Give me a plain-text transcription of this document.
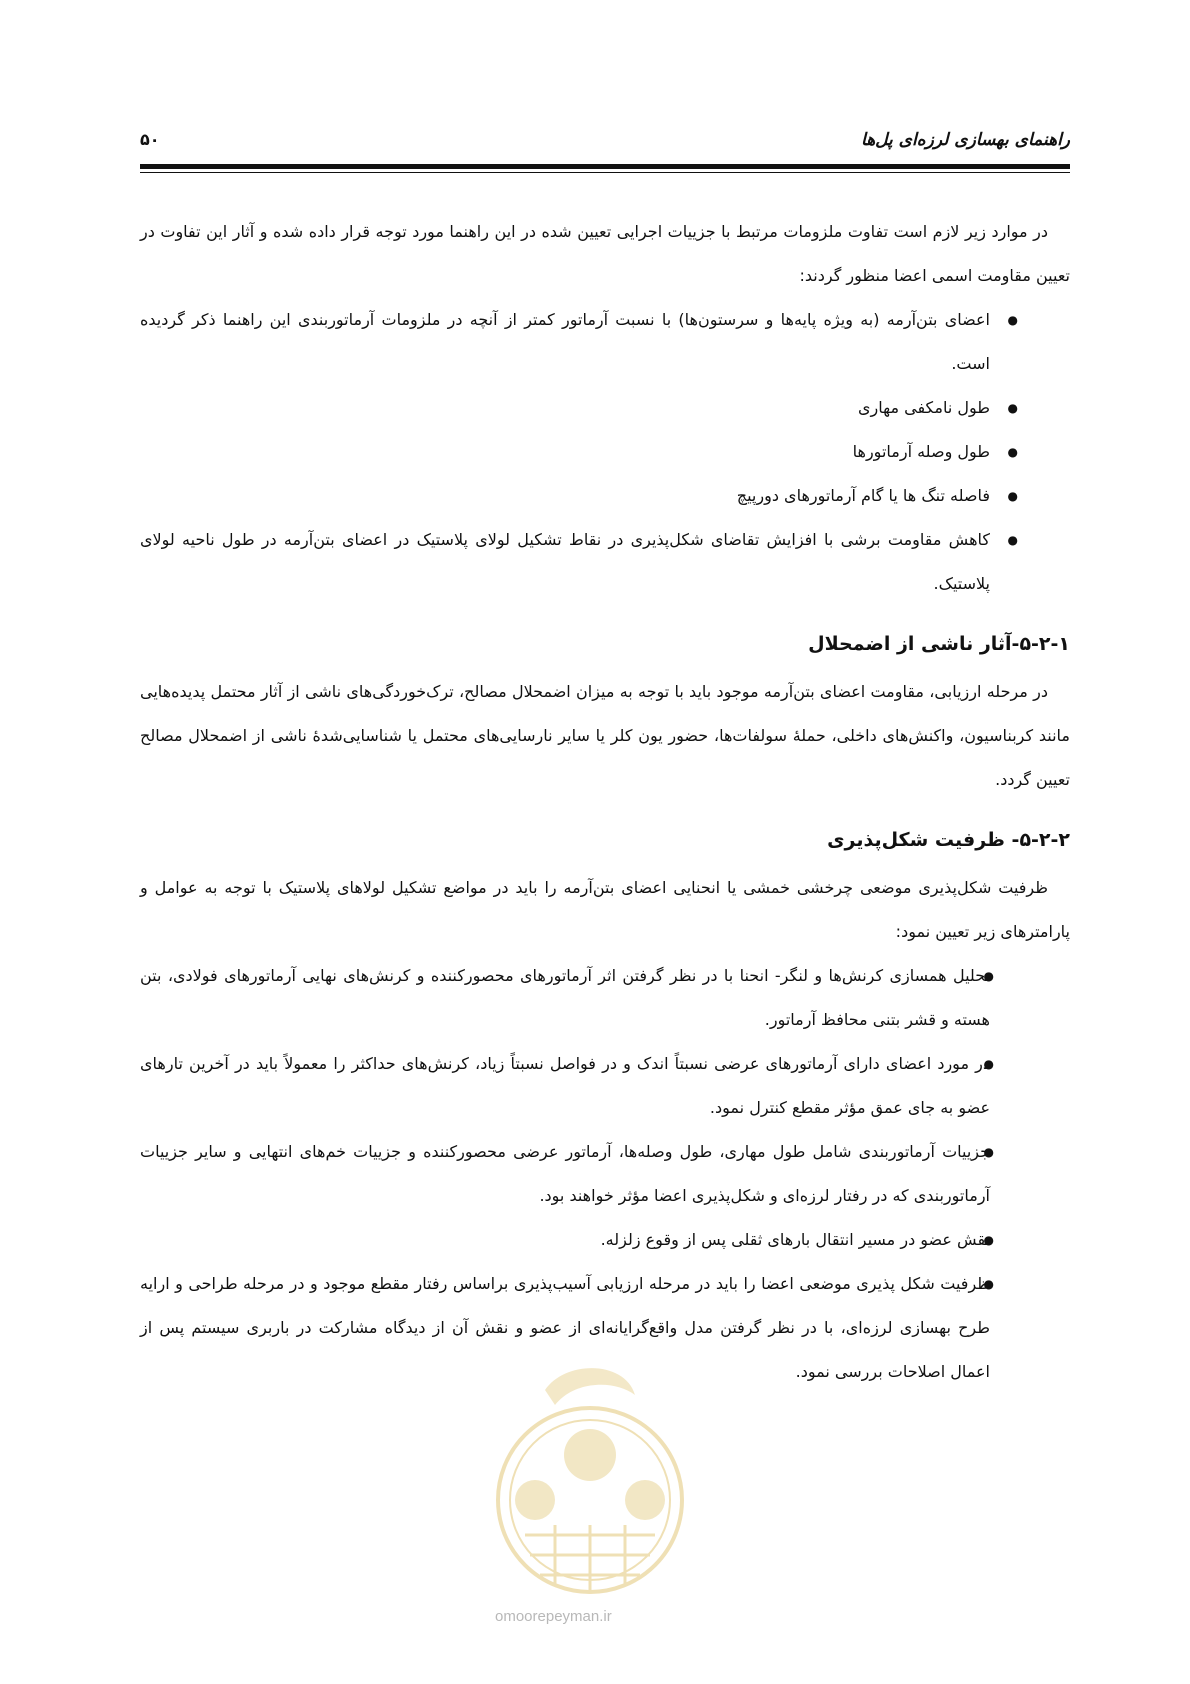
راهنمای بهسازی لرزه‌ای پل‌ها
۵۰

در موارد زیر لازم است تفاوت ملزومات مرتبط با جزییات اجرایی تعیین شده در این راهنما مورد توجه قرار داده شده و آثار این تفاوت در تعیین مقاومت اسمی اعضا منظور گردند:

● اعضای بتن‌آرمه (به ویژه پایه‌ها و سرستون‌ها) با نسبت آرماتور کمتر از آنچه در ملزومات آرماتوربندی این راهنما ذکر گردیده است.
● طول نامکفی مهاری
● طول وصله آرماتورها
● فاصله تنگ ها یا گام آرماتورهای دورپیچ
● کاهش مقاومت برشی با افزایش تقاضای شکل‌پذیری در نقاط تشکیل لولای پلاستیک در اعضای بتن‌آرمه در طول ناحیه لولای پلاستیک.
۵-۲-۱-آثار ناشی از اضمحلال

در مرحله ارزیابی، مقاومت اعضای بتن‌آرمه موجود باید با توجه به میزان اضمحلال مصالح، ترک‌خوردگی‌های ناشی از آثار محتمل پدیده‌هایی مانند کربناسیون، واکنش‌های داخلی، حملهٔ سولفات‌ها، حضور یون کلر یا سایر نارسایی‌های محتمل یا شناسایی‌شدهٔ ناشی از اضمحلال مصالح تعیین گردد.

۵-۲-۲- ظرفیت شکل‌پذیری

ظرفیت شکل‌پذیری موضعی چرخشی خمشی یا انحنایی اعضای بتن‌آرمه را باید در مواضع تشکیل لولاهای پلاستیک با توجه به عوامل و پارامترهای زیر تعیین نمود:

● تحلیل همسازی کرنش‌ها و لنگر- انحنا با در نظر گرفتن اثر آرماتورهای محصورکننده و کرنش‌های نهایی آرماتورهای فولادی، بتن هسته و قشر بتنی محافظ آرماتور.
● در مورد اعضای دارای آرماتورهای عرضی نسبتاً اندک و در فواصل نسبتاً زیاد، کرنش‌های حداکثر را معمولاً باید در آخرین تارهای عضو به جای عمق مؤثر مقطع کنترل نمود.
● جزییات آرماتوربندی شامل طول مهاری، طول وصله‌ها، آرماتور عرضی محصورکننده و جزییات خم‌های انتهایی و سایر جزییات آرماتوربندی که در رفتار لرزه‌ای و شکل‌پذیری اعضا مؤثر خواهند بود.
● نقش عضو در مسیر انتقال بارهای ثقلی پس از وقوع زلزله.
● ظرفیت شکل پذیری موضعی اعضا را باید در مرحله ارزیابی آسیب‌پذیری براساس رفتار مقطع موجود و در مرحله طراحی و ارایه طرح بهسازی لرزه‌ای، با در نظر گرفتن مدل واقع‌گرایانه‌ای از عضو و نقش آن از دیدگاه مشارکت در باربری سیستم پس از اعمال اصلاحات بررسی نمود.
omoorepeyman.ir
